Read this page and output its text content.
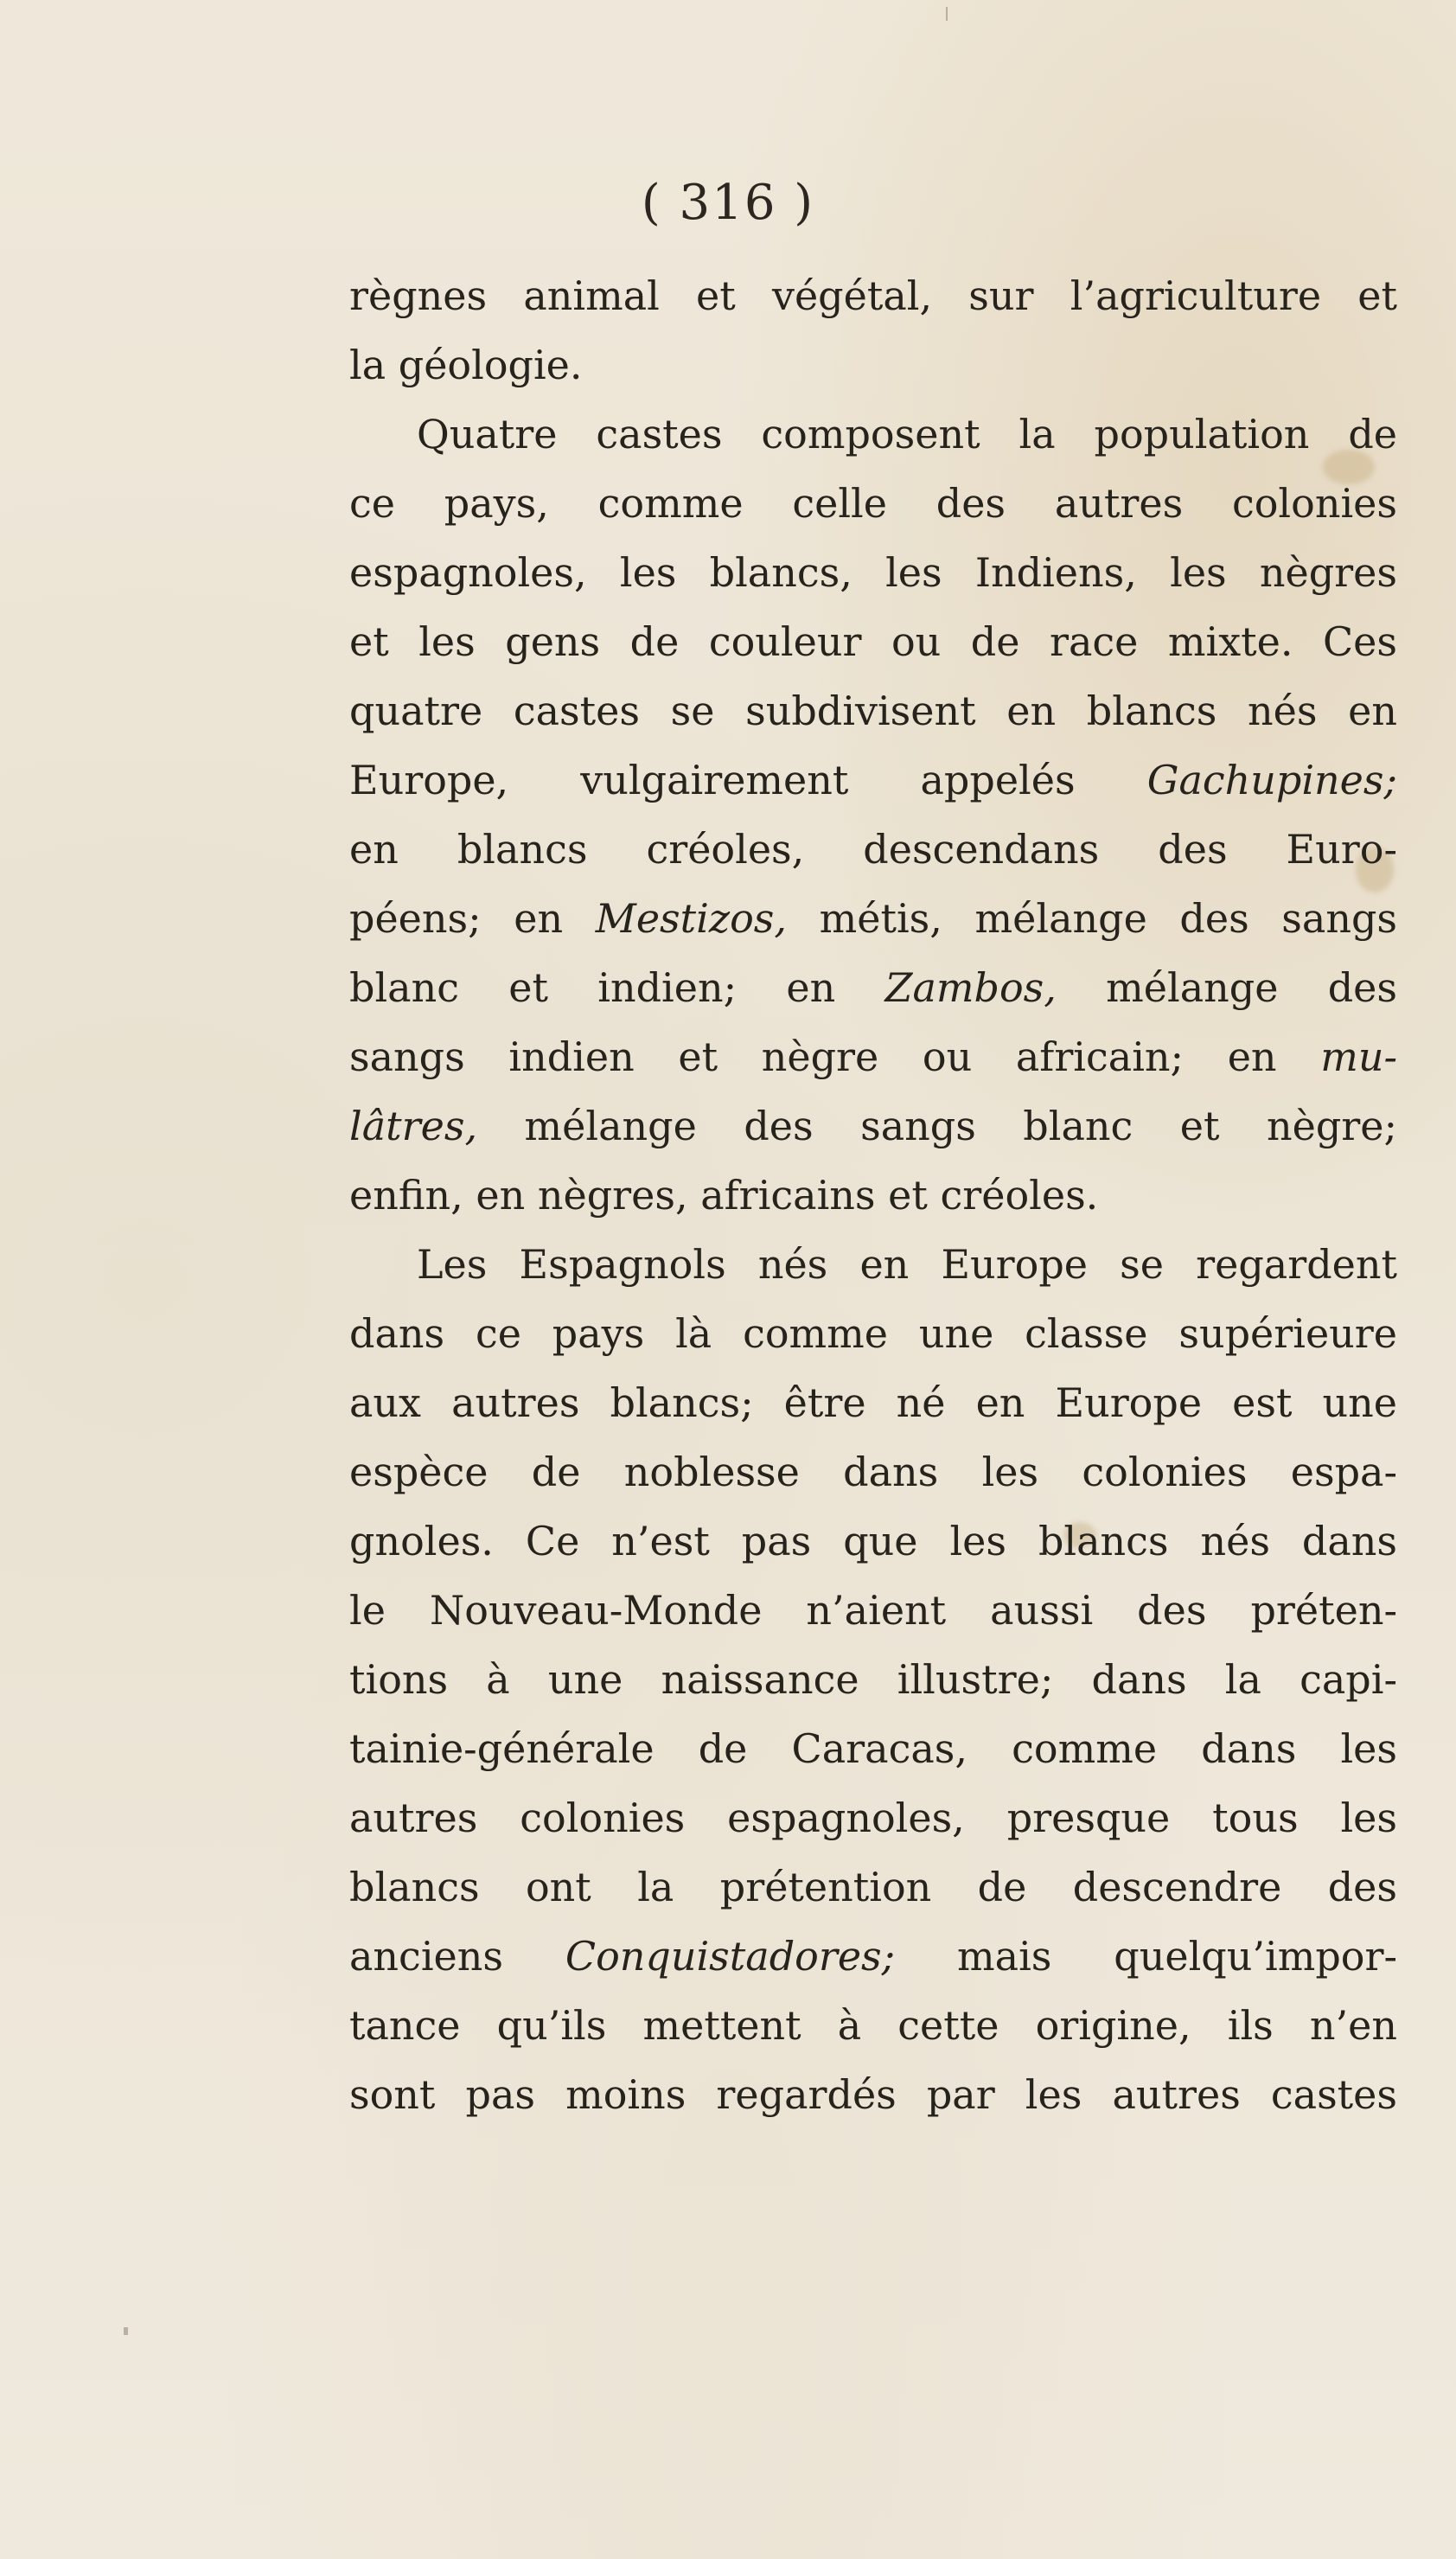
( 316 )
règnes animal et végétal, sur l’agriculture et
la géologie.
Quatre castes composent la population de
ce pays, comme celle des autres colonies
espagnoles, les blancs, les Indiens, les nègres
et les gens de couleur ou de race mixte. Ces
quatre castes se subdivisent en blancs nés en
Europe, vulgairement appelés Gachupines;
en blancs créoles, descendans des Euro-
péens; en Mestizos, métis, mélange des sangs
blanc et indien; en Zambos, mélange des
sangs indien et nègre ou africain; en mu-
lâtres, mélange des sangs blanc et nègre;
enfin, en nègres, africains et créoles.
Les Espagnols nés en Europe se regardent
dans ce pays là comme une classe supérieure
aux autres blancs; être né en Europe est une
espèce de noblesse dans les colonies espa-
gnoles. Ce n’est pas que les blancs nés dans
le Nouveau-Monde n’aient aussi des préten-
tions à une naissance illustre; dans la capi-
tainie-générale de Caracas, comme dans les
autres colonies espagnoles, presque tous les
blancs ont la prétention de descendre des
anciens Conquistadores; mais quelqu’impor-
tance qu’ils mettent à cette origine, ils n’en
sont pas moins regardés par les autres castes
